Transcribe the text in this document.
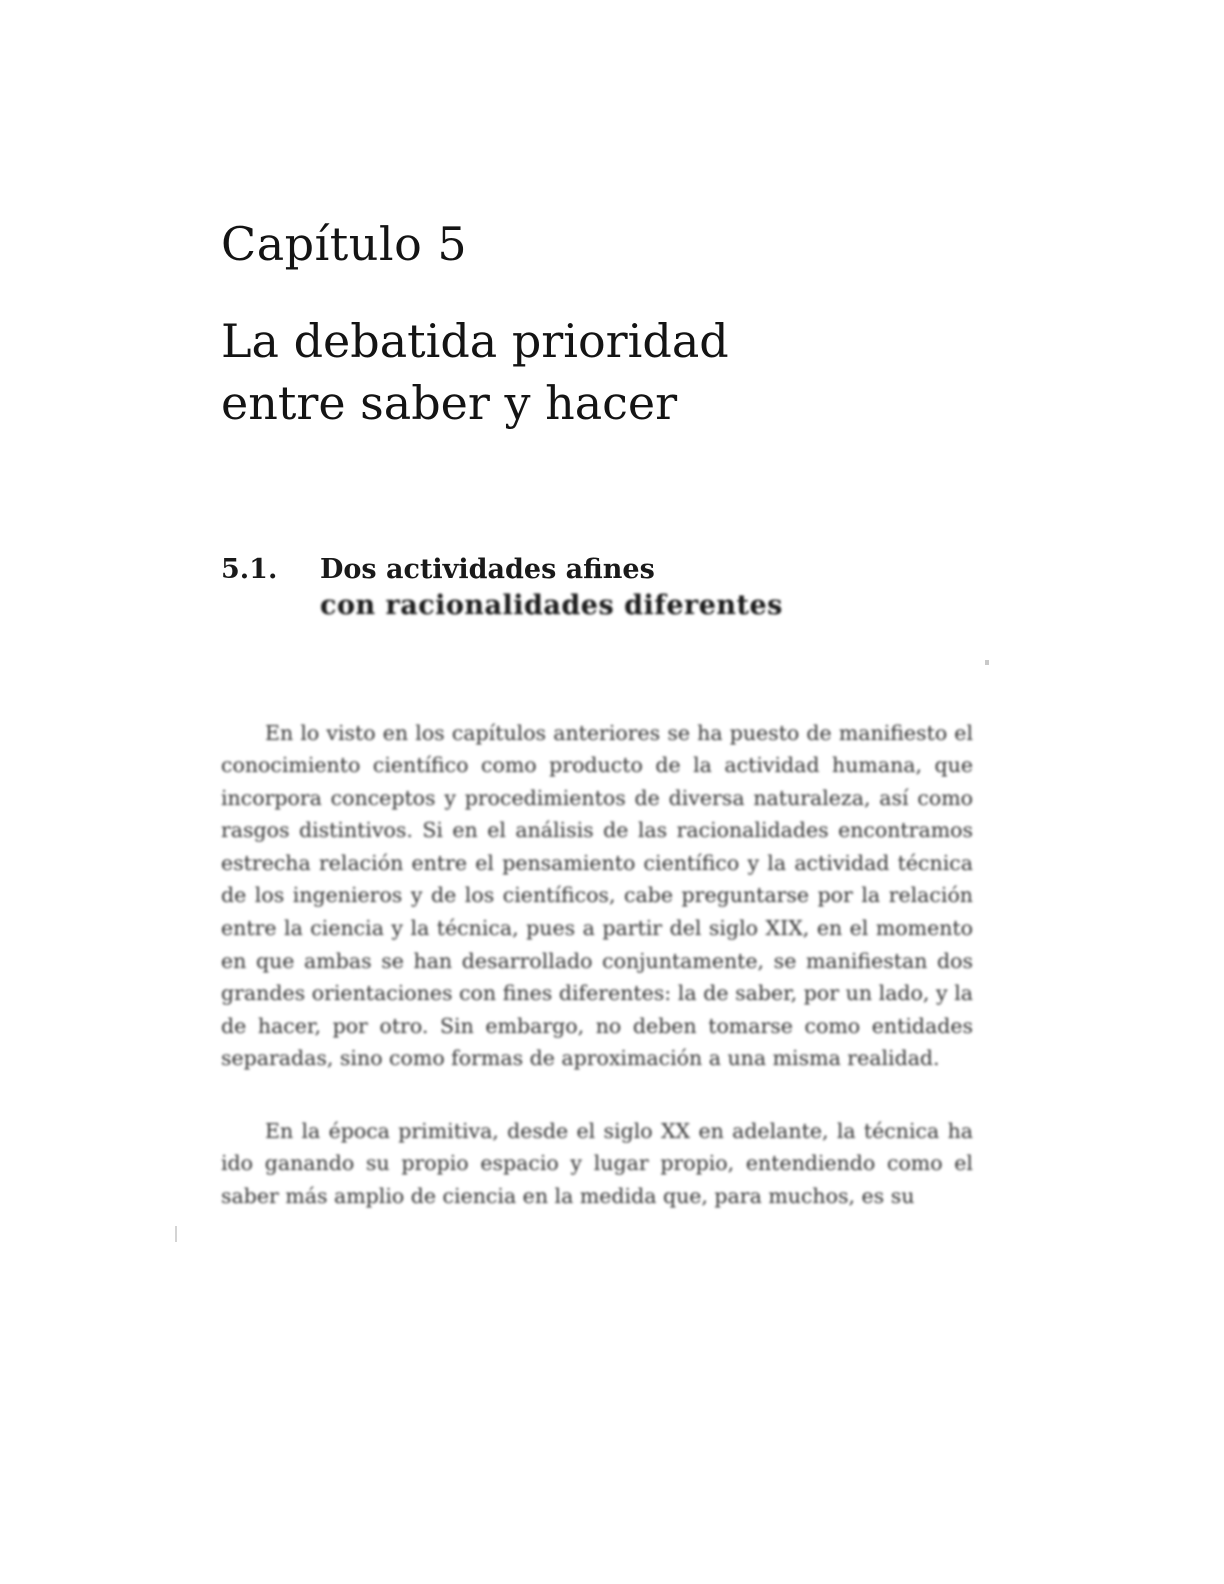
Capítulo 5
La debatida prioridad
entre saber y hacer
5.1. Dos actividades afines
con racionalidades diferentes

En lo visto en los capítulos anteriores se ha puesto de manifiesto el conocimiento científico como producto de la actividad humana, que incorpora conceptos y procedimientos de diversa naturaleza, así como rasgos distintivos. Si en el análisis de las racionalidades encontramos estrecha relación entre el pensamiento científico y la actividad técnica de los ingenieros y de los científicos, cabe preguntarse por la relación entre la ciencia y la técnica, pues a partir del siglo XIX, en el momento en que ambas se han desarrollado conjuntamente, se manifiestan dos grandes orientaciones con fines diferentes: la de saber, por un lado, y la de hacer, por otro. Sin embargo, no deben tomarse como entidades separadas, sino como formas de aproximación a una misma realidad.

En la época primitiva, desde el siglo XX en adelante, la técnica ha ido ganando su propio espacio y lugar propio, entendiendo como el saber más amplio de ciencia en la medida que, para muchos, es su
